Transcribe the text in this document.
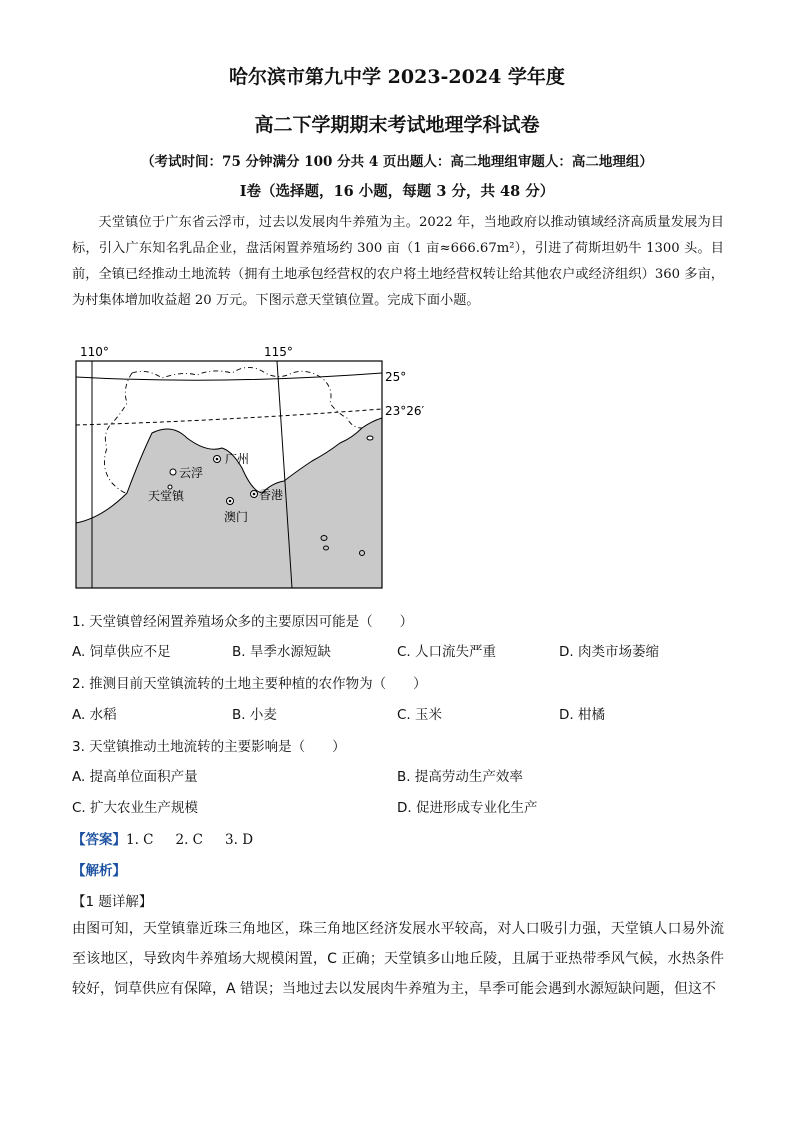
哈尔滨市第九中学 2023-2024 学年度
高二下学期期末考试地理学科试卷
（考试时间：75 分钟满分 100 分共 4 页出题人：高二地理组审题人：高二地理组）
Ⅰ卷（选择题，16 小题，每题 3 分，共 48 分）

天堂镇位于广东省云浮市，过去以发展肉牛养殖为主。2022 年，当地政府以推动镇域经济高质量发展为目标，引入广东知名乳品企业，盘活闲置养殖场约 300 亩（1 亩≈666.67m²），引进了荷斯坦奶牛 1300 头。目前，全镇已经推动土地流转（拥有土地承包经营权的农户将土地经营权转让给其他农户或经济组织）360 多亩，为村集体增加收益超 20 万元。下图示意天堂镇位置。完成下面小题。

110°	115°
广州
云浮
天堂镇	香港
澳门
25°
23°26′
1. 天堂镇曾经闲置养殖场众多的主要原因可能是（　　）
A. 饲草供应不足	B. 旱季水源短缺	C. 人口流失严重	D. 肉类市场萎缩
2. 推测目前天堂镇流转的土地主要种植的农作物为（　　）
A. 水稻	B. 小麦	C. 玉米	D. 柑橘
3. 天堂镇推动土地流转的主要影响是（　　）
A. 提高单位面积产量	B. 提高劳动生产效率
C. 扩大农业生产规模	D. 促进形成专业化生产
【答案】1. C 2. C 3. D
【解析】
【1 题详解】
由图可知，天堂镇靠近珠三角地区，珠三角地区经济发展水平较高，对人口吸引力强，天堂镇人口易外流至该地区，导致肉牛养殖场大规模闲置，C 正确；天堂镇多山地丘陵，且属于亚热带季风气候，水热条件较好，饲草供应有保障，A 错误；当地过去以发展肉牛养殖为主，旱季可能会遇到水源短缺问题，但这不
